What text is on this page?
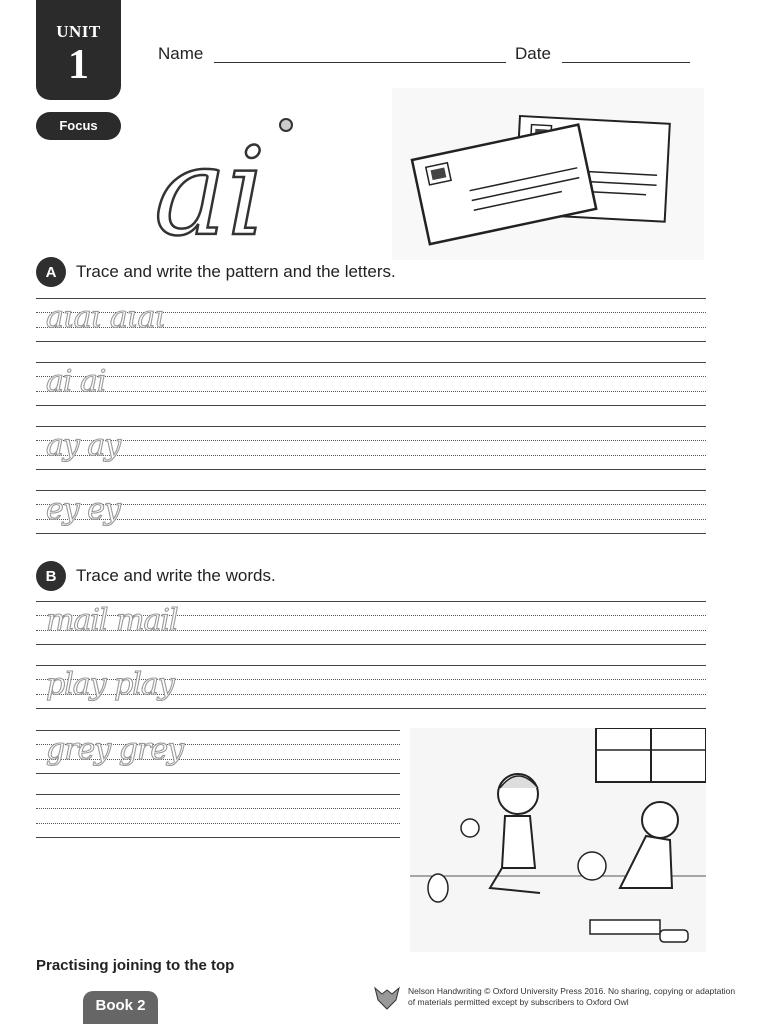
UNIT
1
Focus
Name	Date
ai
A	Trace and write the pattern and the letters.
aιaι aιaι
ai ai
ay ay
ey ey
B	Trace and write the words.
mail mail
play play
grey grey
Practising joining to the top
Book 2
Nelson Handwriting © Oxford University Press 2016. No sharing, copying or adaptation of materials permitted except by subscribers to Oxford Owl
